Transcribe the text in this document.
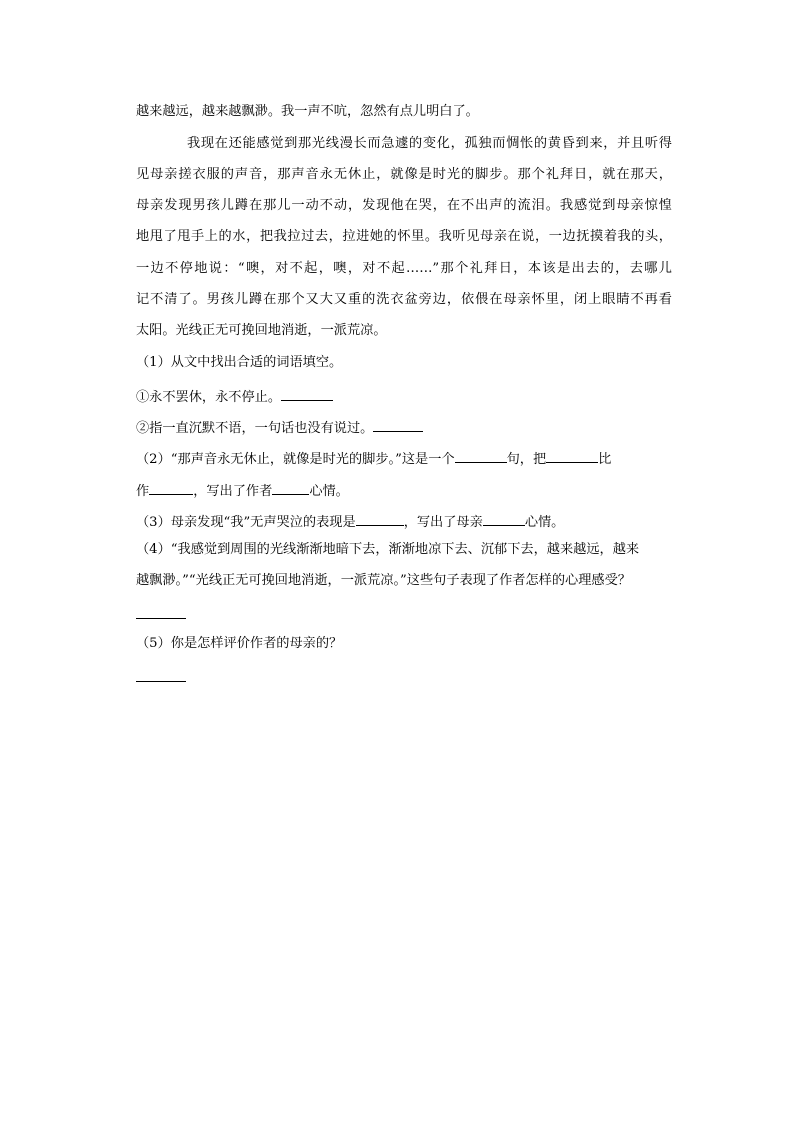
越来越远，越来越飘渺。我一声不吭，忽然有点儿明白了。
我现在还能感觉到那光线漫长而急遽的变化，孤独而惆怅的黄昏到来，并且听得
见母亲搓衣服的声音，那声音永无休止，就像是时光的脚步。那个礼拜日，就在那天，
母亲发现男孩儿蹲在那儿一动不动，发现他在哭，在不出声的流泪。我感觉到母亲惊惶
地甩了甩手上的水，把我拉过去，拉进她的怀里。我听见母亲在说，一边抚摸着我的头，
一边不停地说：“噢，对不起，噢，对不起……”那个礼拜日，本该是出去的，去哪儿
记不清了。男孩儿蹲在那个又大又重的洗衣盆旁边，依偎在母亲怀里，闭上眼睛不再看
太阳。光线正无可挽回地消逝，一派荒凉。
（1）从文中找出合适的词语填空。
①永不罢休，永不停止。
②指一直沉默不语，一句话也没有说过。
（2）“那声音永无休止，就像是时光的脚步。”这是一个	句，把	比
作	，写出了作者	心情。
（3）母亲发现“我”无声哭泣的表现是	，写出了母亲	心情。
（4）“我感觉到周围的光线渐渐地暗下去，渐渐地凉下去、沉郁下去，越来越远，越来
越飘渺。”“光线正无可挽回地消逝，一派荒凉。”这些句子表现了作者怎样的心理感受？
（5）你是怎样评价作者的母亲的？
